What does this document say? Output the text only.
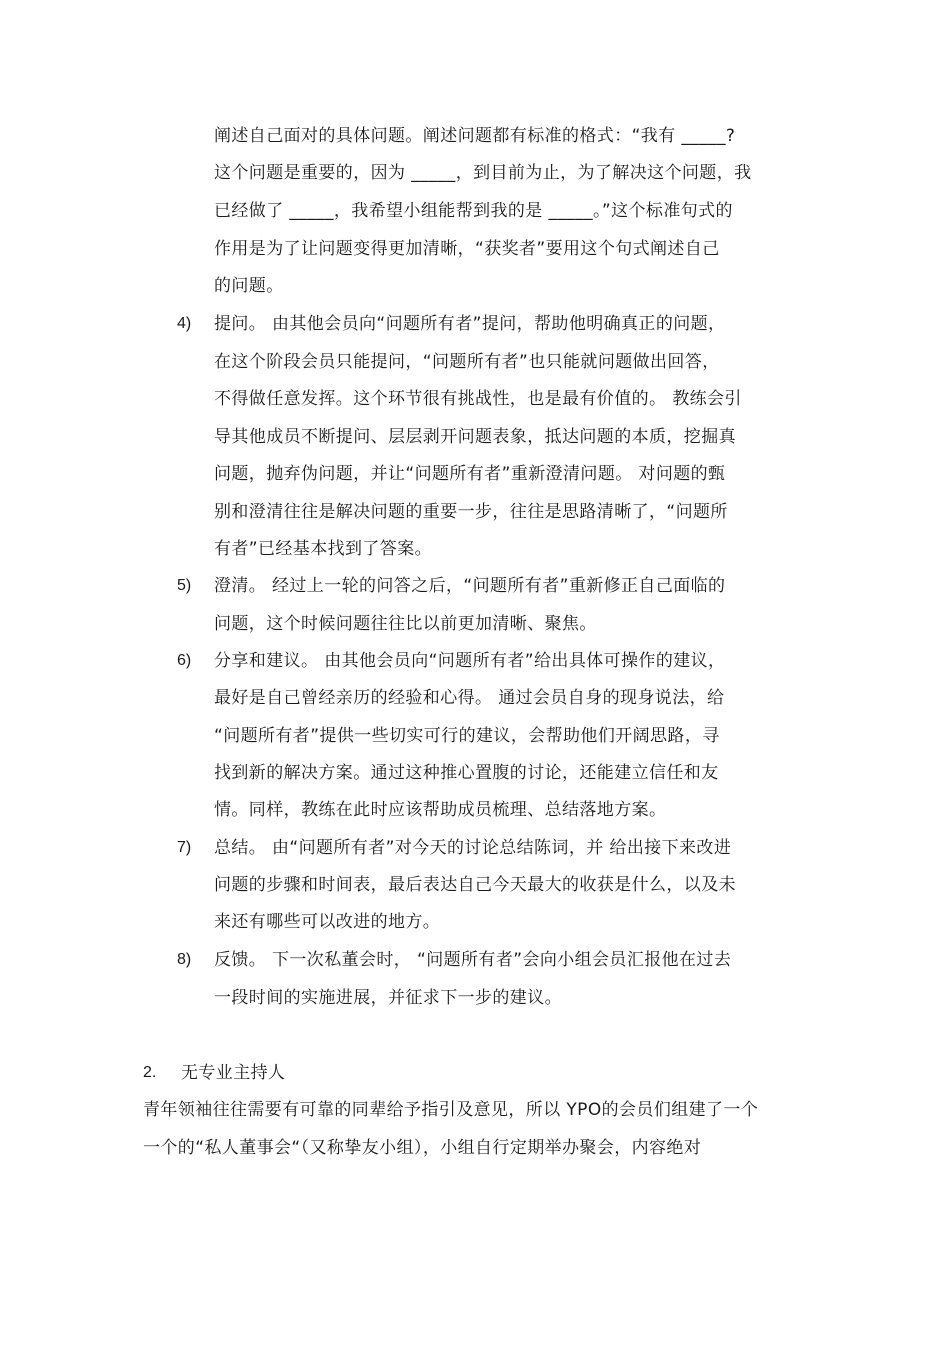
阐述自己面对的具体问题。阐述问题都有标准的格式：“我有 _____?
这个问题是重要的，因为 _____，到目前为止，为了解决这个问题，我
已经做了 _____，我希望小组能帮到我的是 _____。”这个标准句式的
作用是为了让问题变得更加清晰，“获奖者”要用这个句式阐述自己
的问题。
4) 提问。 由其他会员向“问题所有者”提问，帮助他明确真正的问题，
在这个阶段会员只能提问，“问题所有者”也只能就问题做出回答，
不得做任意发挥。这个环节很有挑战性，也是最有价值的。 教练会引
导其他成员不断提问、层层剥开问题表象，抵达问题的本质，挖掘真
问题，抛弃伪问题，并让“问题所有者”重新澄清问题。 对问题的甄
别和澄清往往是解决问题的重要一步，往往是思路清晰了，“问题所
有者”已经基本找到了答案。
5) 澄清。 经过上一轮的问答之后，“问题所有者”重新修正自己面临的
问题，这个时候问题往往比以前更加清晰、聚焦。
6) 分享和建议。 由其他会员向“问题所有者”给出具体可操作的建议，
最好是自己曾经亲历的经验和心得。 通过会员自身的现身说法，给
“问题所有者”提供一些切实可行的建议，会帮助他们开阔思路，寻
找到新的解决方案。通过这种推心置腹的讨论，还能建立信任和友
情。同样，教练在此时应该帮助成员梳理、总结落地方案。
7) 总结。 由“问题所有者”对今天的讨论总结陈词，并 给出接下来改进
问题的步骤和时间表，最后表达自己今天最大的收获是什么，以及未
来还有哪些可以改进的地方。
8) 反馈。 下一次私董会时， “问题所有者”会向小组会员汇报他在过去
一段时间的实施进展，并征求下一步的建议。
2. 无专业主持人
青年领袖往往需要有可靠的同辈给予指引及意见，所以 YPO的会员们组建了一个
一个的“私人董事会“（又称挚友小组），小组自行定期举办聚会，内容绝对
